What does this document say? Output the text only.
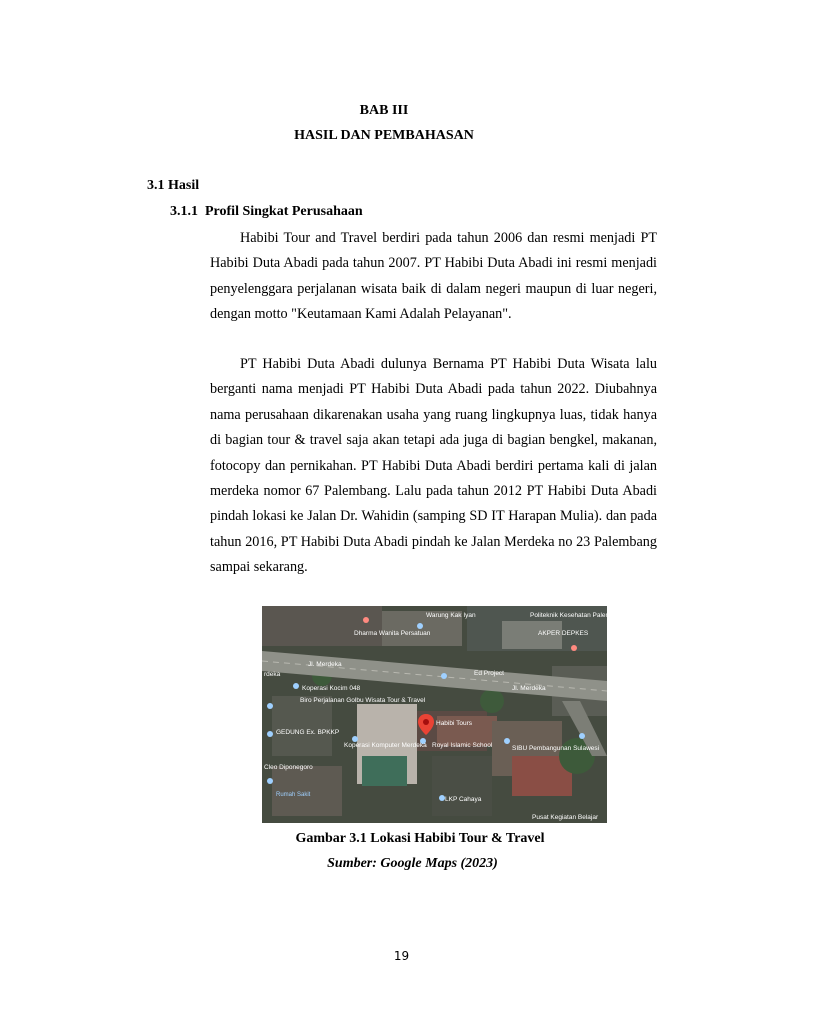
BAB III
HASIL DAN PEMBAHASAN
3.1 Hasil
3.1.1  Profil Singkat Perusahaan
Habibi Tour and Travel berdiri pada tahun 2006 dan resmi menjadi PT Habibi Duta Abadi pada tahun 2007. PT Habibi Duta Abadi ini resmi menjadi penyelenggara perjalanan wisata baik di dalam negeri maupun di luar negeri, dengan motto "Keutamaan Kami Adalah Pelayanan".
PT Habibi Duta Abadi dulunya Bernama PT Habibi Duta Wisata lalu berganti nama menjadi PT Habibi Duta Abadi pada tahun 2022. Diubahnya nama perusahaan dikarenakan usaha yang ruang lingkupnya luas, tidak hanya di bagian tour & travel saja akan tetapi ada juga di bagian bengkel, makanan, fotocopy dan pernikahan. PT Habibi Duta Abadi berdiri pertama kali di jalan merdeka nomor 67 Palembang. Lalu pada tahun 2012 PT Habibi Duta Abadi pindah lokasi ke Jalan Dr. Wahidin (samping SD IT Harapan Mulia). dan pada tahun 2016, PT Habibi Duta Abadi pindah ke Jalan Merdeka no 23 Palembang sampai sekarang.
Dharma Wanita Persatuan
Warung Kak Iyan	Politeknik Kesehatan Palembang Jurusan
AKPER DEPKES
Jl. Merdeka
rdeka	Ed Project
Jl. Merdeka
Koperasi Kocim 048
Biro Perjalanan Golbu Wisata Tour & Travel
Habibi Tours
Royal Islamic School
GEDUNG Ex. BPKKP
Koperasi Komputer Merdeka	SIBU Pembangunan Sulawesi
Cleo Diponegoro
LKP Cahaya
Pusat Kegiatan Belajar
Rumah Sakit
Gambar 3.1 Lokasi Habibi Tour & Travel
Sumber: Google Maps (2023)
19
